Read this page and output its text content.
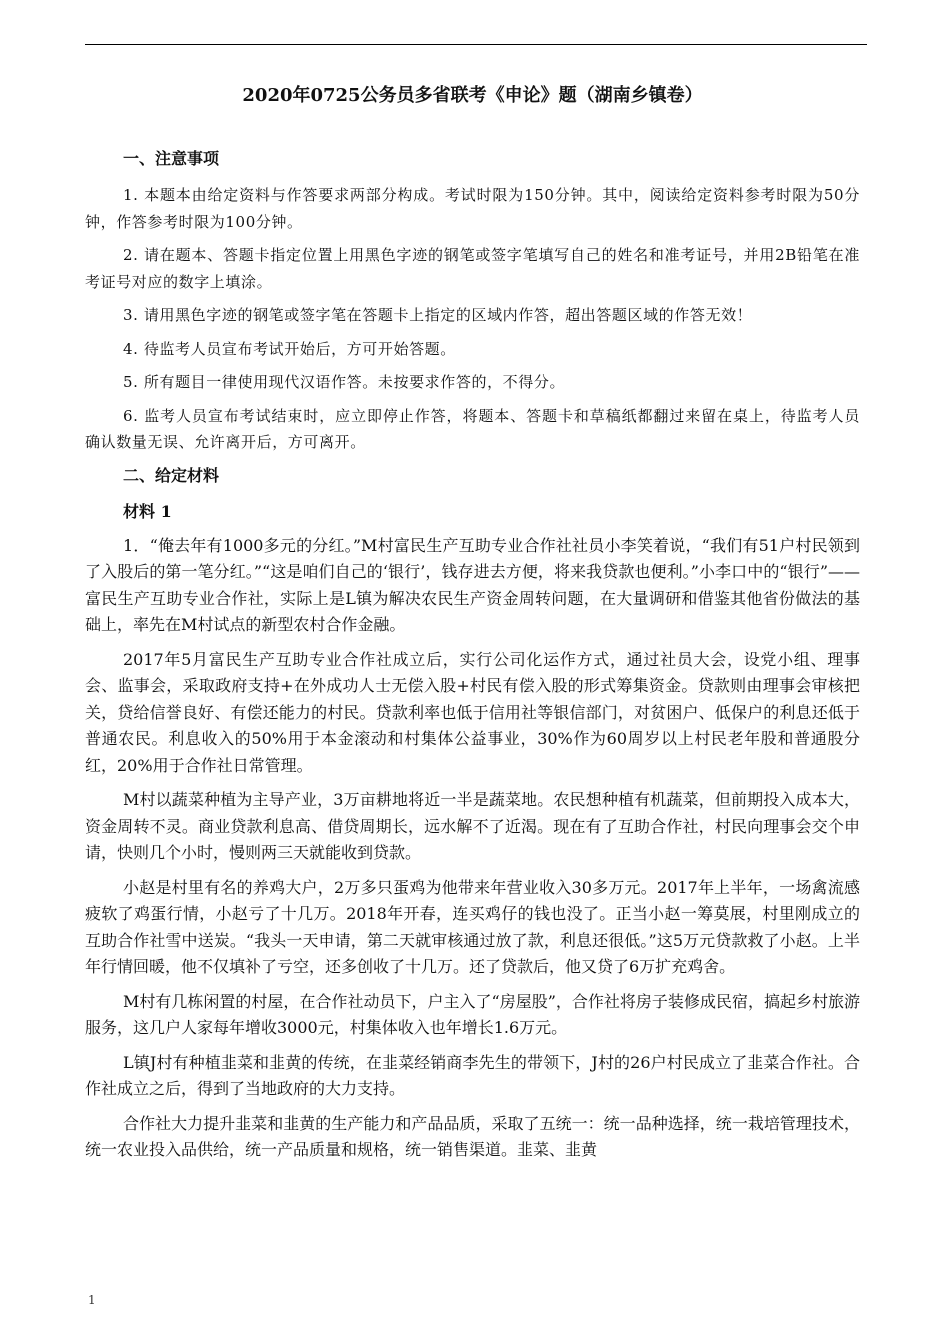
2020年0725公务员多省联考《申论》题（湖南乡镇卷）

一、注意事项

1. 本题本由给定资料与作答要求两部分构成。考试时限为150分钟。其中，阅读给定资料参考时限为50分钟，作答参考时限为100分钟。

2. 请在题本、答题卡指定位置上用黑色字迹的钢笔或签字笔填写自己的姓名和准考证号，并用2B铅笔在准考证号对应的数字上填涂。

3. 请用黑色字迹的钢笔或签字笔在答题卡上指定的区域内作答，超出答题区域的作答无效！

4. 待监考人员宣布考试开始后，方可开始答题。

5. 所有题目一律使用现代汉语作答。未按要求作答的，不得分。

6. 监考人员宣布考试结束时，应立即停止作答，将题本、答题卡和草稿纸都翻过来留在桌上，待监考人员确认数量无误、允许离开后，方可离开。

二、给定材料

材料 1

1．“俺去年有1000多元的分红。”M村富民生产互助专业合作社社员小李笑着说，“我们有51户村民领到了入股后的第一笔分红。”“这是咱们自己的‘银行’，钱存进去方便，将来我贷款也便利。”小李口中的“银行”——富民生产互助专业合作社，实际上是L镇为解决农民生产资金周转问题，在大量调研和借鉴其他省份做法的基础上，率先在M村试点的新型农村合作金融。

2017年5月富民生产互助专业合作社成立后，实行公司化运作方式，通过社员大会，设党小组、理事会、监事会，采取政府支持+在外成功人士无偿入股+村民有偿入股的形式筹集资金。贷款则由理事会审核把关，贷给信誉良好、有偿还能力的村民。贷款利率也低于信用社等银信部门，对贫困户、低保户的利息还低于普通农民。利息收入的50%用于本金滚动和村集体公益事业，30%作为60周岁以上村民老年股和普通股分红，20%用于合作社日常管理。

M村以蔬菜种植为主导产业，3万亩耕地将近一半是蔬菜地。农民想种植有机蔬菜，但前期投入成本大，资金周转不灵。商业贷款利息高、借贷周期长，远水解不了近渴。现在有了互助合作社，村民向理事会交个申请，快则几个小时，慢则两三天就能收到贷款。

小赵是村里有名的养鸡大户，2万多只蛋鸡为他带来年营业收入30多万元。2017年上半年，一场禽流感疲软了鸡蛋行情，小赵亏了十几万。2018年开春，连买鸡仔的钱也没了。正当小赵一筹莫展，村里刚成立的互助合作社雪中送炭。“我头一天申请，第二天就审核通过放了款，利息还很低。”这5万元贷款救了小赵。上半年行情回暖，他不仅填补了亏空，还多创收了十几万。还了贷款后，他又贷了6万扩充鸡舍。

M村有几栋闲置的村屋，在合作社动员下，户主入了“房屋股”，合作社将房子装修成民宿，搞起乡村旅游服务，这几户人家每年增收3000元，村集体收入也年增长1.6万元。

L镇J村有种植韭菜和韭黄的传统，在韭菜经销商李先生的带领下，J村的26户村民成立了韭菜合作社。合作社成立之后，得到了当地政府的大力支持。

合作社大力提升韭菜和韭黄的生产能力和产品品质，采取了五统一：统一品种选择，统一栽培管理技术，统一农业投入品供给，统一产品质量和规格，统一销售渠道。韭菜、韭黄

1
